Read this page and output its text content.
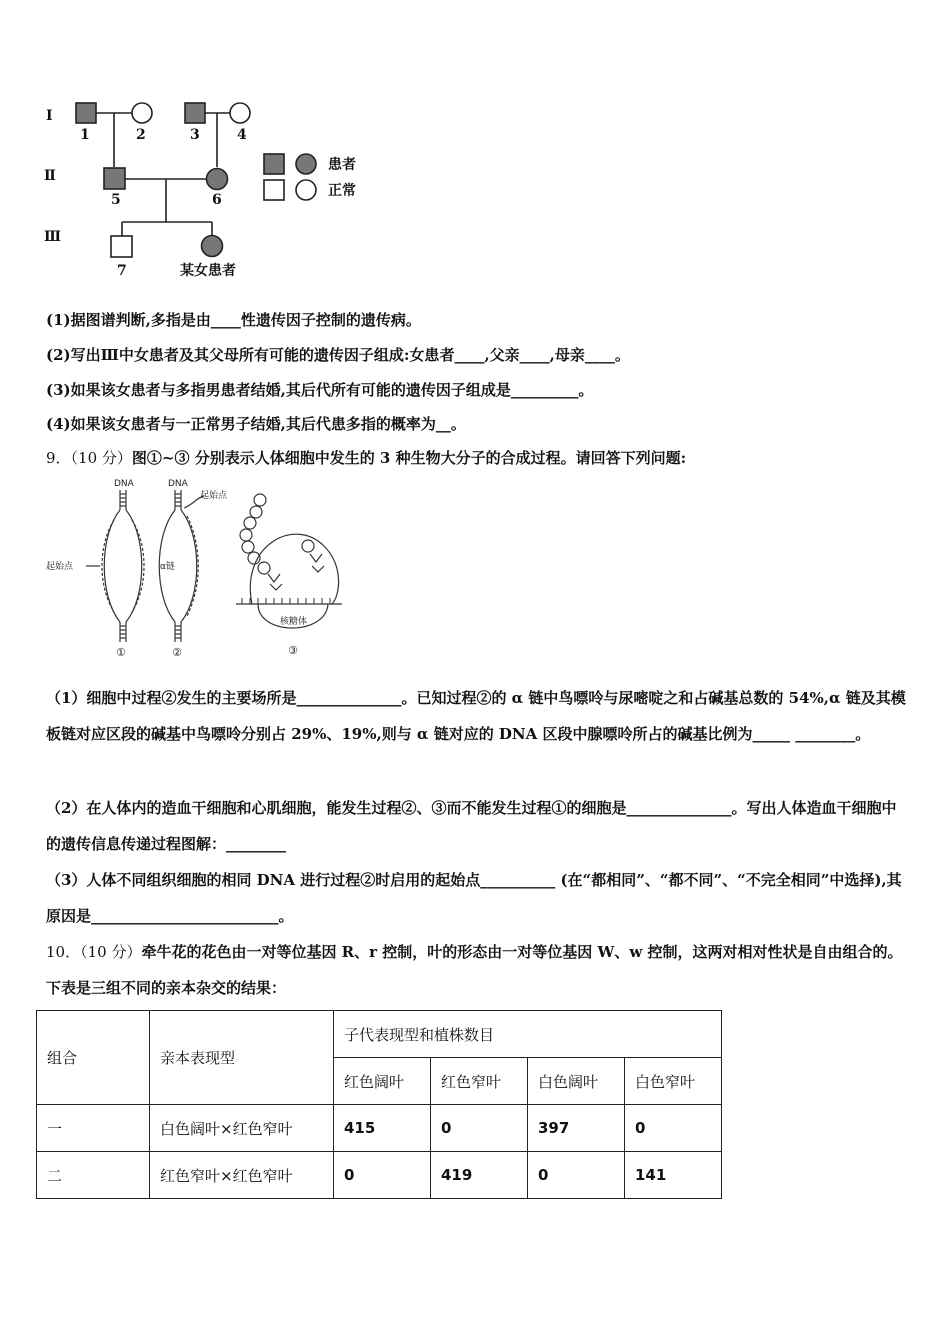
Ⅰ
Ⅱ
Ⅲ
1	2	3	4
5	6
7	某女患者
患者
正常
(1)据图谱判断,多指是由____性遗传因子控制的遗传病。
(2)写出Ⅲ中女患者及其父母所有可能的遗传因子组成:女患者____,父亲____,母亲____。
(3)如果该女患者与多指男患者结婚,其后代所有可能的遗传因子组成是_________。
(4)如果该女患者与一正常男子结婚,其后代患多指的概率为__。
9．（10 分）图①~③ 分别表示人体细胞中发生的 3 种生物大分子的合成过程。请回答下列问题:
DNA	DNA
起始点
起始点	α链
核糖体
①	②	③
（1）细胞中过程②发生的主要场所是______________。已知过程②的 α 链中鸟嘌呤与尿嘧啶之和占碱基总数的 54%,α 链及其模板链对应区段的碱基中鸟嘌呤分别占 29%、19%,则与 α 链对应的 DNA 区段中腺嘌呤所占的碱基比例为_____ ________。
（2）在人体内的造血干细胞和心肌细胞，能发生过程②、③而不能发生过程①的细胞是______________。写出人体造血干细胞中的遗传信息传递过程图解：________
（3）人体不同组织细胞的相同 DNA 进行过程②时启用的起始点__________ (在“都相同”、“都不同”、“不完全相同”中选择),其原因是_________________________。
10．（10 分）牵牛花的花色由一对等位基因 R、r 控制，叶的形态由一对等位基因 W、w 控制，这两对相对性状是自由组合的。下表是三组不同的亲本杂交的结果：
组合	亲本表现型	子代表现型和植株数目			
		红色阔叶	红色窄叶	白色阔叶	白色窄叶
一	白色阔叶×红色窄叶	415	0	397	0
二	红色窄叶×红色窄叶	0	419	0	141
